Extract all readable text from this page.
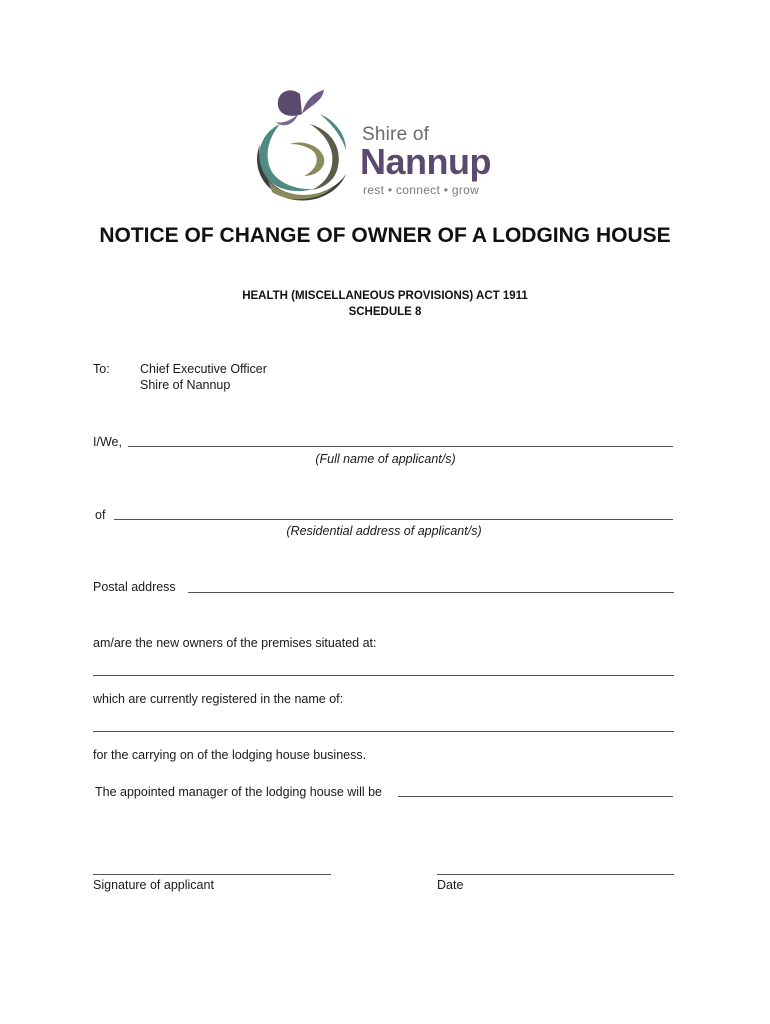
Shire of
Nannup
rest • connect • grow
NOTICE OF CHANGE OF OWNER OF A LODGING HOUSE
HEALTH (MISCELLANEOUS PROVISIONS) ACT 1911
SCHEDULE 8
To: Chief Executive Officer
Shire of Nannup
I/We,
(Full name of applicant/s)
of
(Residential address of applicant/s)
Postal address
am/are the new owners of the premises situated at:
which are currently registered in the name of:
for the carrying on of the lodging house business.
The appointed manager of the lodging house will be
Signature of applicant	Date
